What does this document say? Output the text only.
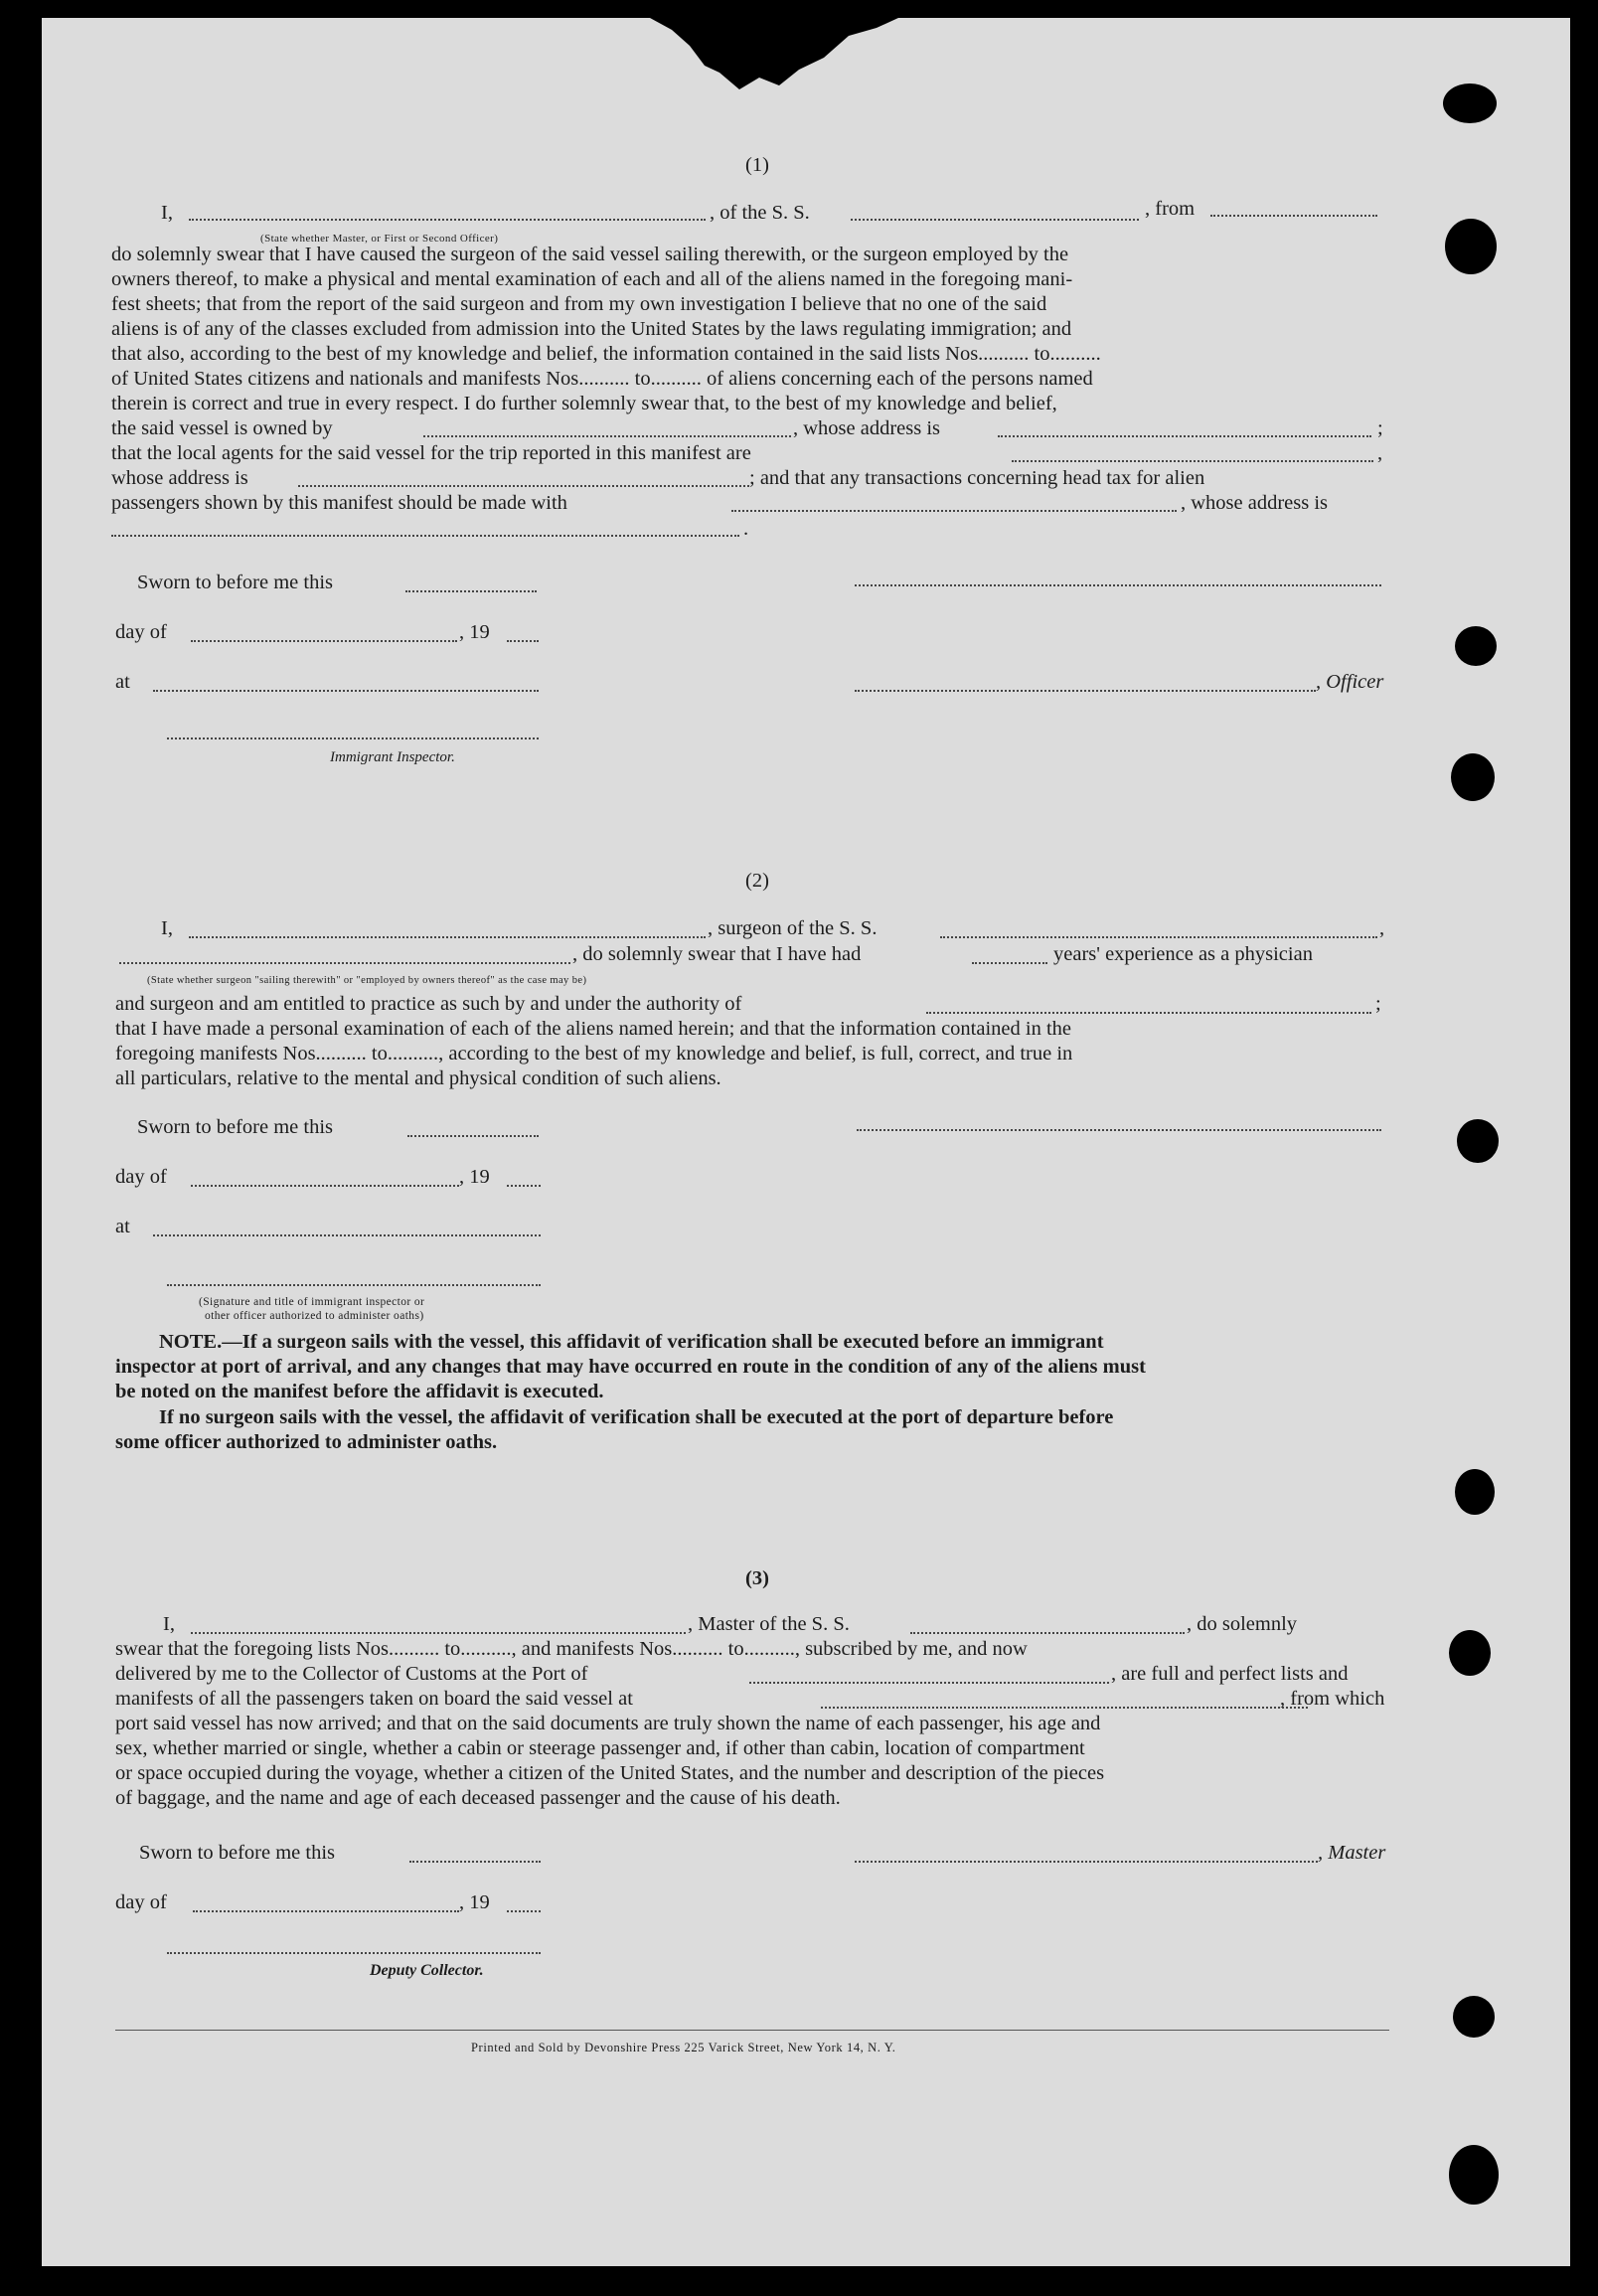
(1)
I,	, of the S. S.	, from
(State whether Master, or First or Second Officer)
do solemnly swear that I have caused the surgeon of the said vessel sailing therewith, or the surgeon employed by the
owners thereof, to make a physical and mental examination of each and all of the aliens named in the foregoing mani-
fest sheets; that from the report of the said surgeon and from my own investigation I believe that no one of the said
aliens is of any of the classes excluded from admission into the United States by the laws regulating immigration; and
that also, according to the best of my knowledge and belief, the information contained in the said lists Nos.......... to..........
of United States citizens and nationals and manifests Nos.......... to.......... of aliens concerning each of the persons named
therein is correct and true in every respect. I do further solemnly swear that, to the best of my knowledge and belief,
the said vessel is owned by	, whose address is	;
that the local agents for the said vessel for the trip reported in this manifest are	,
whose address is	; and that any transactions concerning head tax for alien
passengers shown by this manifest should be made with	, whose address is
.
Sworn to before me this
day of	, 19
at	, Officer
Immigrant Inspector.
(2)
I,	, surgeon of the S. S.	,
, do solemnly swear that I have had	years' experience as a physician
(State whether surgeon "sailing therewith" or "employed by owners thereof" as the case may be)
and surgeon and am entitled to practice as such by and under the authority of	;
that I have made a personal examination of each of the aliens named herein; and that the information contained in the
foregoing manifests Nos.......... to.........., according to the best of my knowledge and belief, is full, correct, and true in
all particulars, relative to the mental and physical condition of such aliens.
Sworn to before me this
day of	, 19
at
(Signature and title of immigrant inspector or
other officer authorized to administer oaths)
NOTE.—If a surgeon sails with the vessel, this affidavit of verification shall be executed before an immigrant
inspector at port of arrival, and any changes that may have occurred en route in the condition of any of the aliens must
be noted on the manifest before the affidavit is executed.
If no surgeon sails with the vessel, the affidavit of verification shall be executed at the port of departure before
some officer authorized to administer oaths.
(3)
I,	, Master of the S. S.	, do solemnly
swear that the foregoing lists Nos.......... to.........., and manifests Nos.......... to.........., subscribed by me, and now
delivered by me to the Collector of Customs at the Port of	, are full and perfect lists and
manifests of all the passengers taken on board the said vessel at	, from which
port said vessel has now arrived; and that on the said documents are truly shown the name of each passenger, his age and
sex, whether married or single, whether a cabin or steerage passenger and, if other than cabin, location of compartment
or space occupied during the voyage, whether a citizen of the United States, and the number and description of the pieces
of baggage, and the name and age of each deceased passenger and the cause of his death.
Sworn to before me this	, Master
day of	, 19
Deputy Collector.
Printed and Sold by Devonshire Press 225 Varick Street, New York 14, N. Y.
